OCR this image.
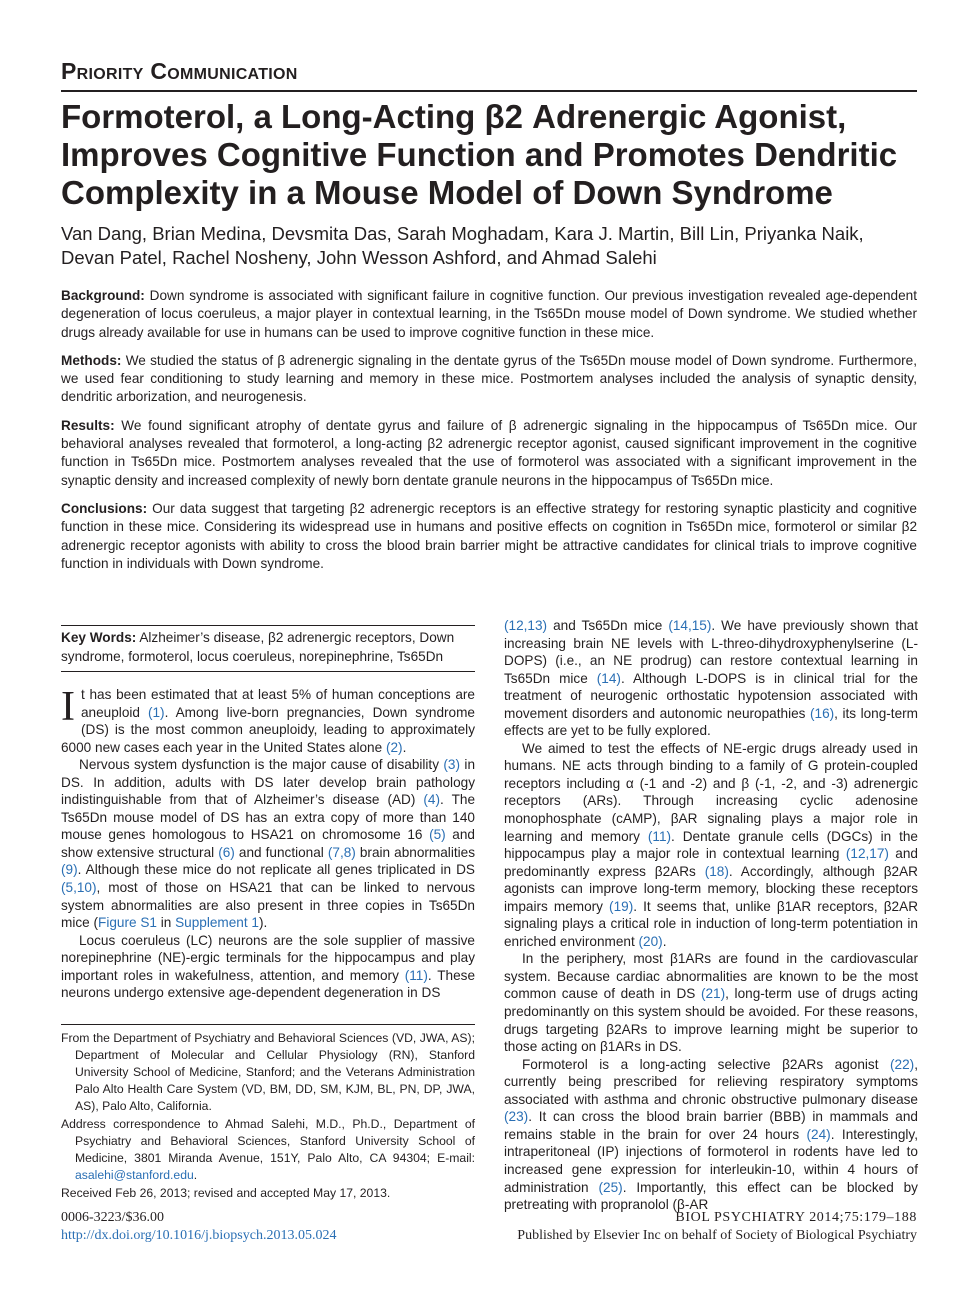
Priority Communication
Formoterol, a Long-Acting β2 Adrenergic Agonist, Improves Cognitive Function and Promotes Dendritic Complexity in a Mouse Model of Down Syndrome

Van Dang, Brian Medina, Devsmita Das, Sarah Moghadam, Kara J. Martin, Bill Lin, Priyanka Naik, Devan Patel, Rachel Nosheny, John Wesson Ashford, and Ahmad Salehi

Background: Down syndrome is associated with significant failure in cognitive function. Our previous investigation revealed age-dependent degeneration of locus coeruleus, a major player in contextual learning, in the Ts65Dn mouse model of Down syndrome. We studied whether drugs already available for use in humans can be used to improve cognitive function in these mice.

Methods: We studied the status of β adrenergic signaling in the dentate gyrus of the Ts65Dn mouse model of Down syndrome. Furthermore, we used fear conditioning to study learning and memory in these mice. Postmortem analyses included the analysis of synaptic density, dendritic arborization, and neurogenesis.

Results: We found significant atrophy of dentate gyrus and failure of β adrenergic signaling in the hippocampus of Ts65Dn mice. Our behavioral analyses revealed that formoterol, a long-acting β2 adrenergic receptor agonist, caused significant improvement in the cognitive function in Ts65Dn mice. Postmortem analyses revealed that the use of formoterol was associated with a significant improvement in the synaptic density and increased complexity of newly born dentate granule neurons in the hippocampus of Ts65Dn mice.

Conclusions: Our data suggest that targeting β2 adrenergic receptors is an effective strategy for restoring synaptic plasticity and cognitive function in these mice. Considering its widespread use in humans and positive effects on cognition in Ts65Dn mice, formoterol or similar β2 adrenergic receptor agonists with ability to cross the blood brain barrier might be attractive candidates for clinical trials to improve cognitive function in individuals with Down syndrome.

Key Words: Alzheimer’s disease, β2 adrenergic receptors, Down syndrome, formoterol, locus coeruleus, norepinephrine, Ts65Dn

It has been estimated that at least 5% of human conceptions are aneuploid (1). Among live-born pregnancies, Down syndrome (DS) is the most common aneuploidy, leading to approximately 6000 new cases each year in the United States alone (2).

Nervous system dysfunction is the major cause of disability (3) in DS. In addition, adults with DS later develop brain pathology indistinguishable from that of Alzheimer’s disease (AD) (4). The Ts65Dn mouse model of DS has an extra copy of more than 140 mouse genes homologous to HSA21 on chromosome 16 (5) and show extensive structural (6) and functional (7,8) brain abnormalities (9). Although these mice do not replicate all genes triplicated in DS (5,10), most of those on HSA21 that can be linked to nervous system abnormalities are also present in three copies in Ts65Dn mice (Figure S1 in Supplement 1).

Locus coeruleus (LC) neurons are the sole supplier of massive norepinephrine (NE)-ergic terminals for the hippocampus and play important roles in wakefulness, attention, and memory (11). These neurons undergo extensive age-dependent degeneration in DS

From the Department of Psychiatry and Behavioral Sciences (VD, JWA, AS); Department of Molecular and Cellular Physiology (RN), Stanford University School of Medicine, Stanford; and the Veterans Administration Palo Alto Health Care System (VD, BM, DD, SM, KJM, BL, PN, DP, JWA, AS), Palo Alto, California.

Address correspondence to Ahmad Salehi, M.D., Ph.D., Department of Psychiatry and Behavioral Sciences, Stanford University School of Medicine, 3801 Miranda Avenue, 151Y, Palo Alto, CA 94304; E-mail: asalehi@stanford.edu.

Received Feb 26, 2013; revised and accepted May 17, 2013.

(12,13) and Ts65Dn mice (14,15). We have previously shown that increasing brain NE levels with L-threo-dihydroxyphenylserine (L-DOPS) (i.e., an NE prodrug) can restore contextual learning in Ts65Dn mice (14). Although L-DOPS is in clinical trial for the treatment of neurogenic orthostatic hypotension associated with movement disorders and autonomic neuropathies (16), its long-term effects are yet to be fully explored.

We aimed to test the effects of NE-ergic drugs already used in humans. NE acts through binding to a family of G protein-coupled receptors including α (-1 and -2) and β (-1, -2, and -3) adrenergic receptors (ARs). Through increasing cyclic adenosine monophosphate (cAMP), βAR signaling plays a major role in learning and memory (11). Dentate granule cells (DGCs) in the hippocampus play a major role in contextual learning (12,17) and predominantly express β2ARs (18). Accordingly, although β2AR agonists can improve long-term memory, blocking these receptors impairs memory (19). It seems that, unlike β1AR receptors, β2AR signaling plays a critical role in induction of long-term potentiation in enriched environment (20).

In the periphery, most β1ARs are found in the cardiovascular system. Because cardiac abnormalities are known to be the most common cause of death in DS (21), long-term use of drugs acting predominantly on this system should be avoided. For these reasons, drugs targeting β2ARs to improve learning might be superior to those acting on β1ARs in DS.

Formoterol is a long-acting selective β2ARs agonist (22), currently being prescribed for relieving respiratory symptoms associated with asthma and chronic obstructive pulmonary disease (23). It can cross the blood brain barrier (BBB) in mammals and remains stable in the brain for over 24 hours (24). Interestingly, intraperitoneal (IP) injections of formoterol in rodents have led to increased gene expression for interleukin-10, within 4 hours of administration (25). Importantly, this effect can be blocked by pretreating with propranolol (β-AR

0006-3223/$36.00
http://dx.doi.org/10.1016/j.biopsych.2013.05.024
BIOL PSYCHIATRY 2014;75:179–188
Published by Elsevier Inc on behalf of Society of Biological Psychiatry
